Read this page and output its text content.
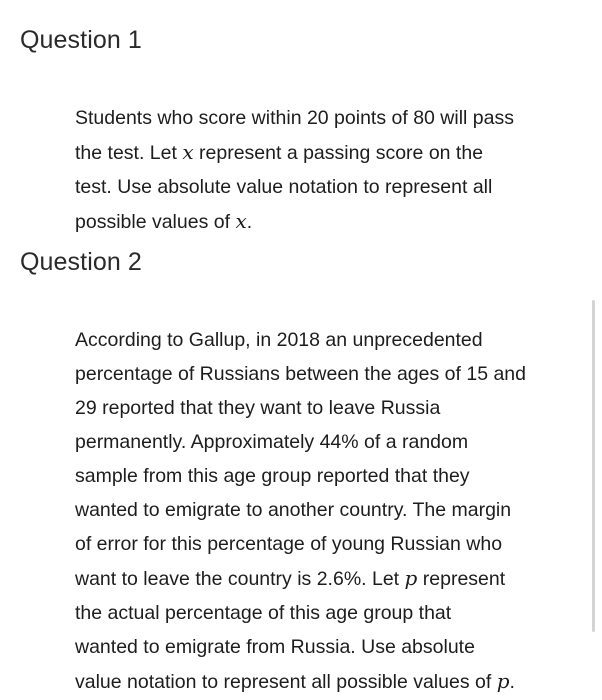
Question 1
Students who score within 20 points of 80 will pass
the test. Let x represent a passing score on the
test. Use absolute value notation to represent all
possible values of x.
Question 2
According to Gallup, in 2018 an unprecedented
percentage of Russians between the ages of 15 and
29 reported that they want to leave Russia
permanently. Approximately 44% of a random
sample from this age group reported that they
wanted to emigrate to another country. The margin
of error for this percentage of young Russian who
want to leave the country is 2.6%. Let p represent
the actual percentage of this age group that
wanted to emigrate from Russia. Use absolute
value notation to represent all possible values of p.
